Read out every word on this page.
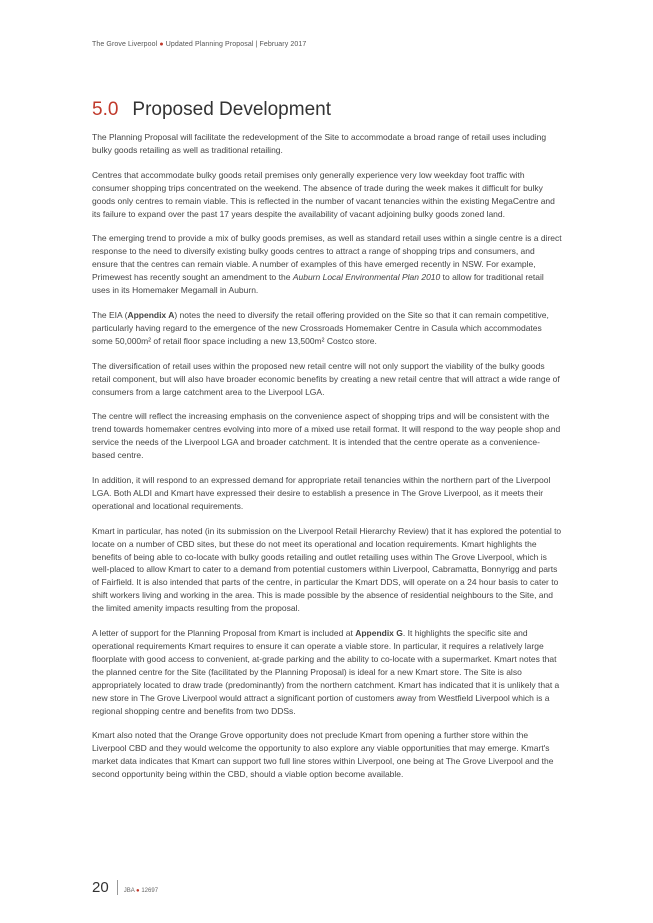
The Grove Liverpool ● Updated Planning Proposal | February 2017
5.0 Proposed Development

The Planning Proposal will facilitate the redevelopment of the Site to accommodate a broad range of retail uses including bulky goods retailing as well as traditional retailing.

Centres that accommodate bulky goods retail premises only generally experience very low weekday foot traffic with consumer shopping trips concentrated on the weekend. The absence of trade during the week makes it difficult for bulky goods only centres to remain viable. This is reflected in the number of vacant tenancies within the existing MegaCentre and its failure to expand over the past 17 years despite the availability of vacant adjoining bulky goods zoned land.

The emerging trend to provide a mix of bulky goods premises, as well as standard retail uses within a single centre is a direct response to the need to diversify existing bulky goods centres to attract a range of shopping trips and consumers, and ensure that the centres can remain viable. A number of examples of this have emerged recently in NSW. For example, Primewest has recently sought an amendment to the Auburn Local Environmental Plan 2010 to allow for traditional retail uses in its Homemaker Megamall in Auburn.

The EIA (Appendix A) notes the need to diversify the retail offering provided on the Site so that it can remain competitive, particularly having regard to the emergence of the new Crossroads Homemaker Centre in Casula which accommodates some 50,000m² of retail floor space including a new 13,500m² Costco store.

The diversification of retail uses within the proposed new retail centre will not only support the viability of the bulky goods retail component, but will also have broader economic benefits by creating a new retail centre that will attract a wide range of consumers from a large catchment area to the Liverpool LGA.

The centre will reflect the increasing emphasis on the convenience aspect of shopping trips and will be consistent with the trend towards homemaker centres evolving into more of a mixed use retail format. It will respond to the way people shop and service the needs of the Liverpool LGA and broader catchment. It is intended that the centre operate as a convenience-based centre.

In addition, it will respond to an expressed demand for appropriate retail tenancies within the northern part of the Liverpool LGA. Both ALDI and Kmart have expressed their desire to establish a presence in The Grove Liverpool, as it meets their operational and locational requirements.

Kmart in particular, has noted (in its submission on the Liverpool Retail Hierarchy Review) that it has explored the potential to locate on a number of CBD sites, but these do not meet its operational and location requirements. Kmart highlights the benefits of being able to co-locate with bulky goods retailing and outlet retailing uses within The Grove Liverpool, which is well-placed to allow Kmart to cater to a demand from potential customers within Liverpool, Cabramatta, Bonnyrigg and parts of Fairfield. It is also intended that parts of the centre, in particular the Kmart DDS, will operate on a 24 hour basis to cater to shift workers living and working in the area. This is made possible by the absence of residential neighbours to the Site, and the limited amenity impacts resulting from the proposal.

A letter of support for the Planning Proposal from Kmart is included at Appendix G. It highlights the specific site and operational requirements Kmart requires to ensure it can operate a viable store. In particular, it requires a relatively large floorplate with good access to convenient, at-grade parking and the ability to co-locate with a supermarket. Kmart notes that the planned centre for the Site (facilitated by the Planning Proposal) is ideal for a new Kmart store. The Site is also appropriately located to draw trade (predominantly) from the northern catchment. Kmart has indicated that it is unlikely that a new store in The Grove Liverpool would attract a significant portion of customers away from Westfield Liverpool which is a regional shopping centre and benefits from two DDSs.

Kmart also noted that the Orange Grove opportunity does not preclude Kmart from opening a further store within the Liverpool CBD and they would welcome the opportunity to also explore any viable opportunities that may emerge. Kmart's market data indicates that Kmart can support two full line stores within Liverpool, one being at The Grove Liverpool and the second opportunity being within the CBD, should a viable option become available.

20	JBA ● 12697
